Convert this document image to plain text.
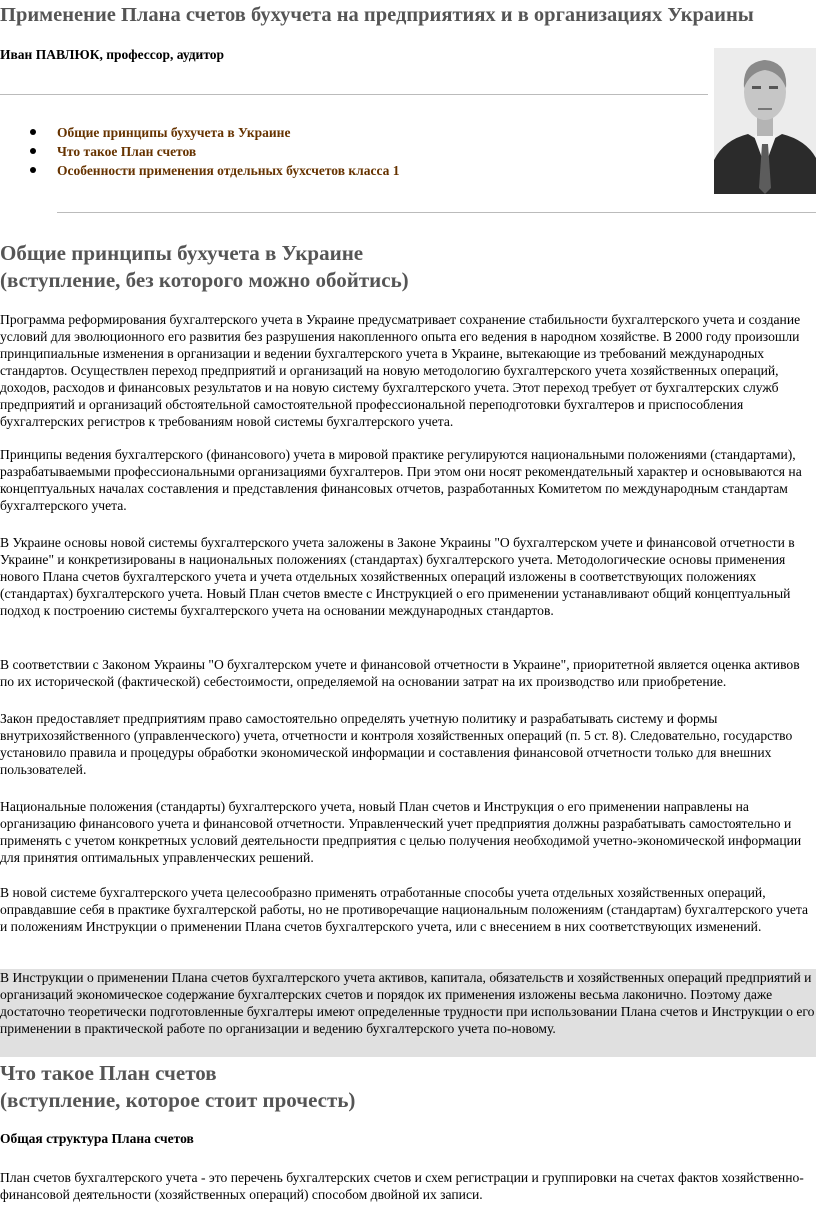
Применение Плана счетов бухучета на предприятиях и в организациях Украины
Иван ПАВЛЮК, профессор, аудитор
Общие принципы бухучета в Украине
Что такое План счетов
Особенности применения отдельных бухсчетов класса 1
Общие принципы бухучета в Украине
(вступление, без которого можно обойтись)

Программа реформирования бухгалтерского учета в Украине предусматривает сохранение стабильности бухгалтерского учета и создание условий для эволюционного его развития без разрушения накопленного опыта его ведения в народном хозяйстве. В 2000 году произошли принципиальные изменения в организации и ведении бухгалтерского учета в Украине, вытекающие из требований международных стандартов. Осуществлен переход предприятий и организаций на новую методологию бухгалтерского учета хозяйственных операций, доходов, расходов и финансовых результатов и на новую систему бухгалтерского учета. Этот переход требует от бухгалтерских служб предприятий и организаций обстоятельной самостоятельной профессиональной переподготовки бухгалтеров и приспособления бухгалтерских регистров к требованиям новой системы бухгалтерского учета.

Принципы ведения бухгалтерского (финансового) учета в мировой практике регулируются национальными положениями (стандартами), разрабатываемыми профессиональными организациями бухгалтеров. При этом они носят рекомендательный характер и основываются на концептуальных началах составления и представления финансовых отчетов, разработанных Комитетом по международным стандартам бухгалтерского учета.

В Украине основы новой системы бухгалтерского учета заложены в Законе Украины "О бухгалтерском учете и финансовой отчетности в Украине" и конкретизированы в национальных положениях (стандартах) бухгалтерского учета. Методологические основы применения нового Плана счетов бухгалтерского учета и учета отдельных хозяйственных операций изложены в соответствующих положениях (стандартах) бухгалтерского учета. Новый План счетов вместе с Инструкцией о его применении устанавливают общий концептуальный подход к построению системы бухгалтерского учета на основании международных стандартов.

В соответствии с Законом Украины "О бухгалтерском учете и финансовой отчетности в Украине", приоритетной является оценка активов по их исторической (фактической) себестоимости, определяемой на основании затрат на их производство или приобретение.

Закон предоставляет предприятиям право самостоятельно определять учетную политику и разрабатывать систему и формы внутрихозяйственного (управленческого) учета, отчетности и контроля хозяйственных операций (п. 5 ст. 8). Следовательно, государство установило правила и процедуры обработки экономической информации и составления финансовой отчетности только для внешних пользователей.

Национальные положения (стандарты) бухгалтерского учета, новый План счетов и Инструкция о его применении направлены на организацию финансового учета и финансовой отчетности. Управленческий учет предприятия должны разрабатывать самостоятельно и применять с учетом конкретных условий деятельности предприятия с целью получения необходимой учетно-экономической информации для принятия оптимальных управленческих решений.

В новой системе бухгалтерского учета целесообразно применять отработанные способы учета отдельных хозяйственных операций, оправдавшие себя в практике бухгалтерской работы, но не противоречащие национальным положениям (стандартам) бухгалтерского учета и положениям Инструкции о применении Плана счетов бухгалтерского учета, или с внесением в них соответствующих изменений.

В Инструкции о применении Плана счетов бухгалтерского учета активов, капитала, обязательств и хозяйственных операций предприятий и организаций экономическое содержание бухгалтерских счетов и порядок их применения изложены весьма лаконично. Поэтому даже достаточно теоретически подготовленные бухгалтеры имеют определенные трудности при использовании Плана счетов и Инструкции о его применении в практической работе по организации и ведению бухгалтерского учета по-новому.

Что такое План счетов
(вступление, которое стоит прочесть)
Общая структура Плана счетов

План счетов бухгалтерского учета - это перечень бухгалтерских счетов и схем регистрации и группировки на счетах фактов хозяйственно-финансовой деятельности (хозяйственных операций) способом двойной их записи.
